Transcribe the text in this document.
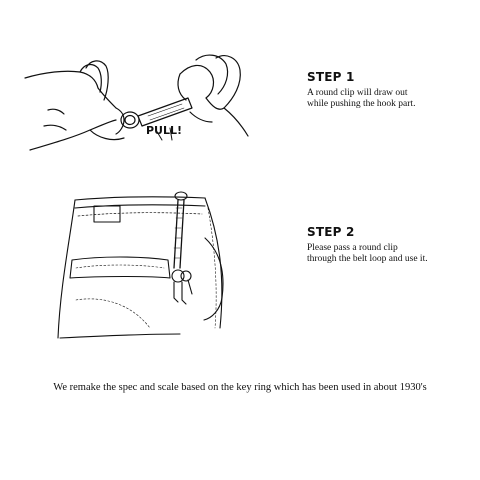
PULL!
STEP 1
A round clip will draw out
while pushing the hook part.
STEP 2
Please pass a round clip
through the belt loop and use it.
We remake the spec and scale based on the key ring which has been used in about 1930's
